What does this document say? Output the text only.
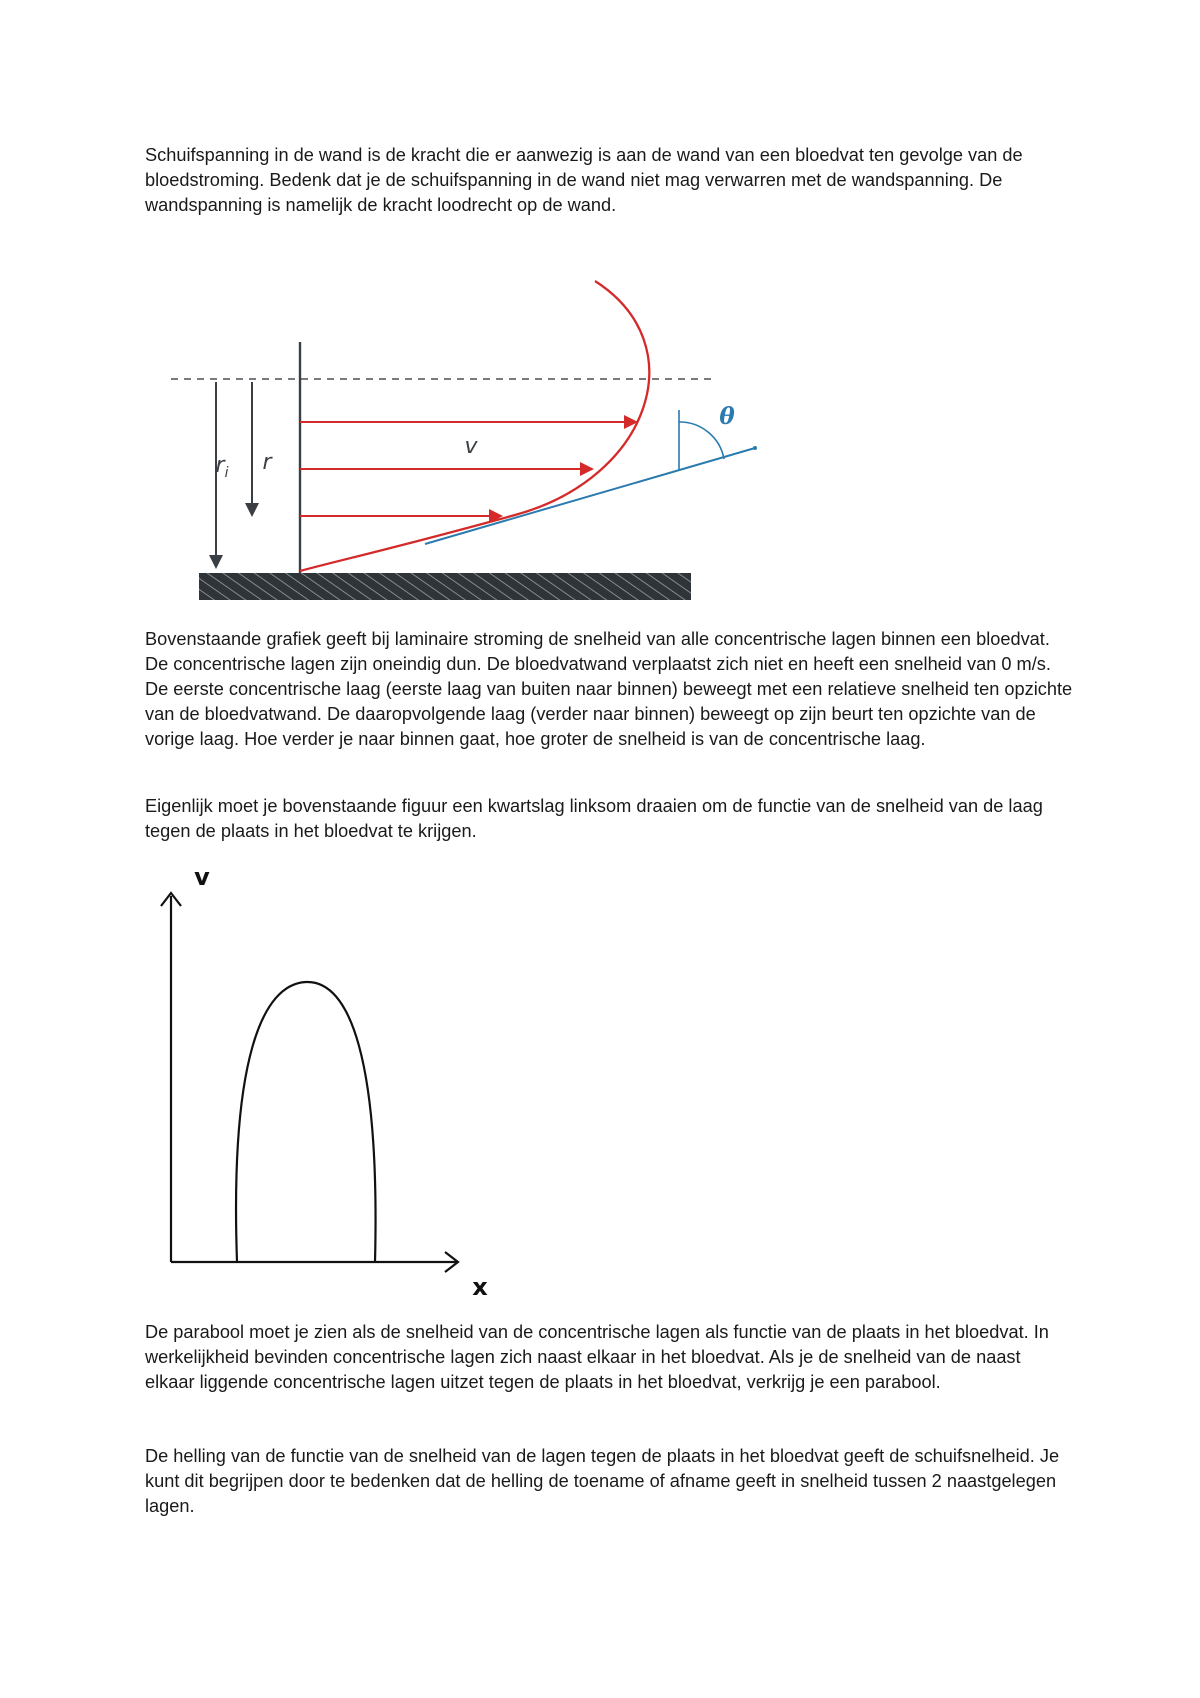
Schuifspanning in de wand is de kracht die er aanwezig is aan de wand van een bloedvat ten gevolge van de bloedstroming. Bedenk dat je de schuifspanning in de wand niet mag verwarren met de wandspanning. De wandspanning is namelijk de kracht loodrecht op de wand.

$r_i$ r
θ
v

Bovenstaande grafiek geeft bij laminaire stroming de snelheid van alle concentrische lagen binnen een bloedvat. De concentrische lagen zijn oneindig dun. De bloedvatwand verplaatst zich niet en heeft een snelheid van 0 m/s. De eerste concentrische laag (eerste laag van buiten naar binnen) beweegt met een relatieve snelheid ten opzichte van de bloedvatwand. De daaropvolgende laag (verder naar binnen) beweegt op zijn beurt ten opzichte van de vorige laag. Hoe verder je naar binnen gaat, hoe groter de snelheid is van de concentrische laag.

Eigenlijk moet je bovenstaande figuur een kwartslag linksom draaien om de functie van de snelheid van de laag tegen de plaats in het bloedvat te krijgen.

v
x

De parabool moet je zien als de snelheid van de concentrische lagen als functie van de plaats in het bloedvat. In werkelijkheid bevinden concentrische lagen zich naast elkaar in het bloedvat. Als je de snelheid van de naast elkaar liggende concentrische lagen uitzet tegen de plaats in het bloedvat, verkrijg je een parabool.

De helling van de functie van de snelheid van de lagen tegen de plaats in het bloedvat geeft de schuifsnelheid. Je kunt dit begrijpen door te bedenken dat de helling de toename of afname geeft in snelheid tussen 2 naastgelegen lagen.
